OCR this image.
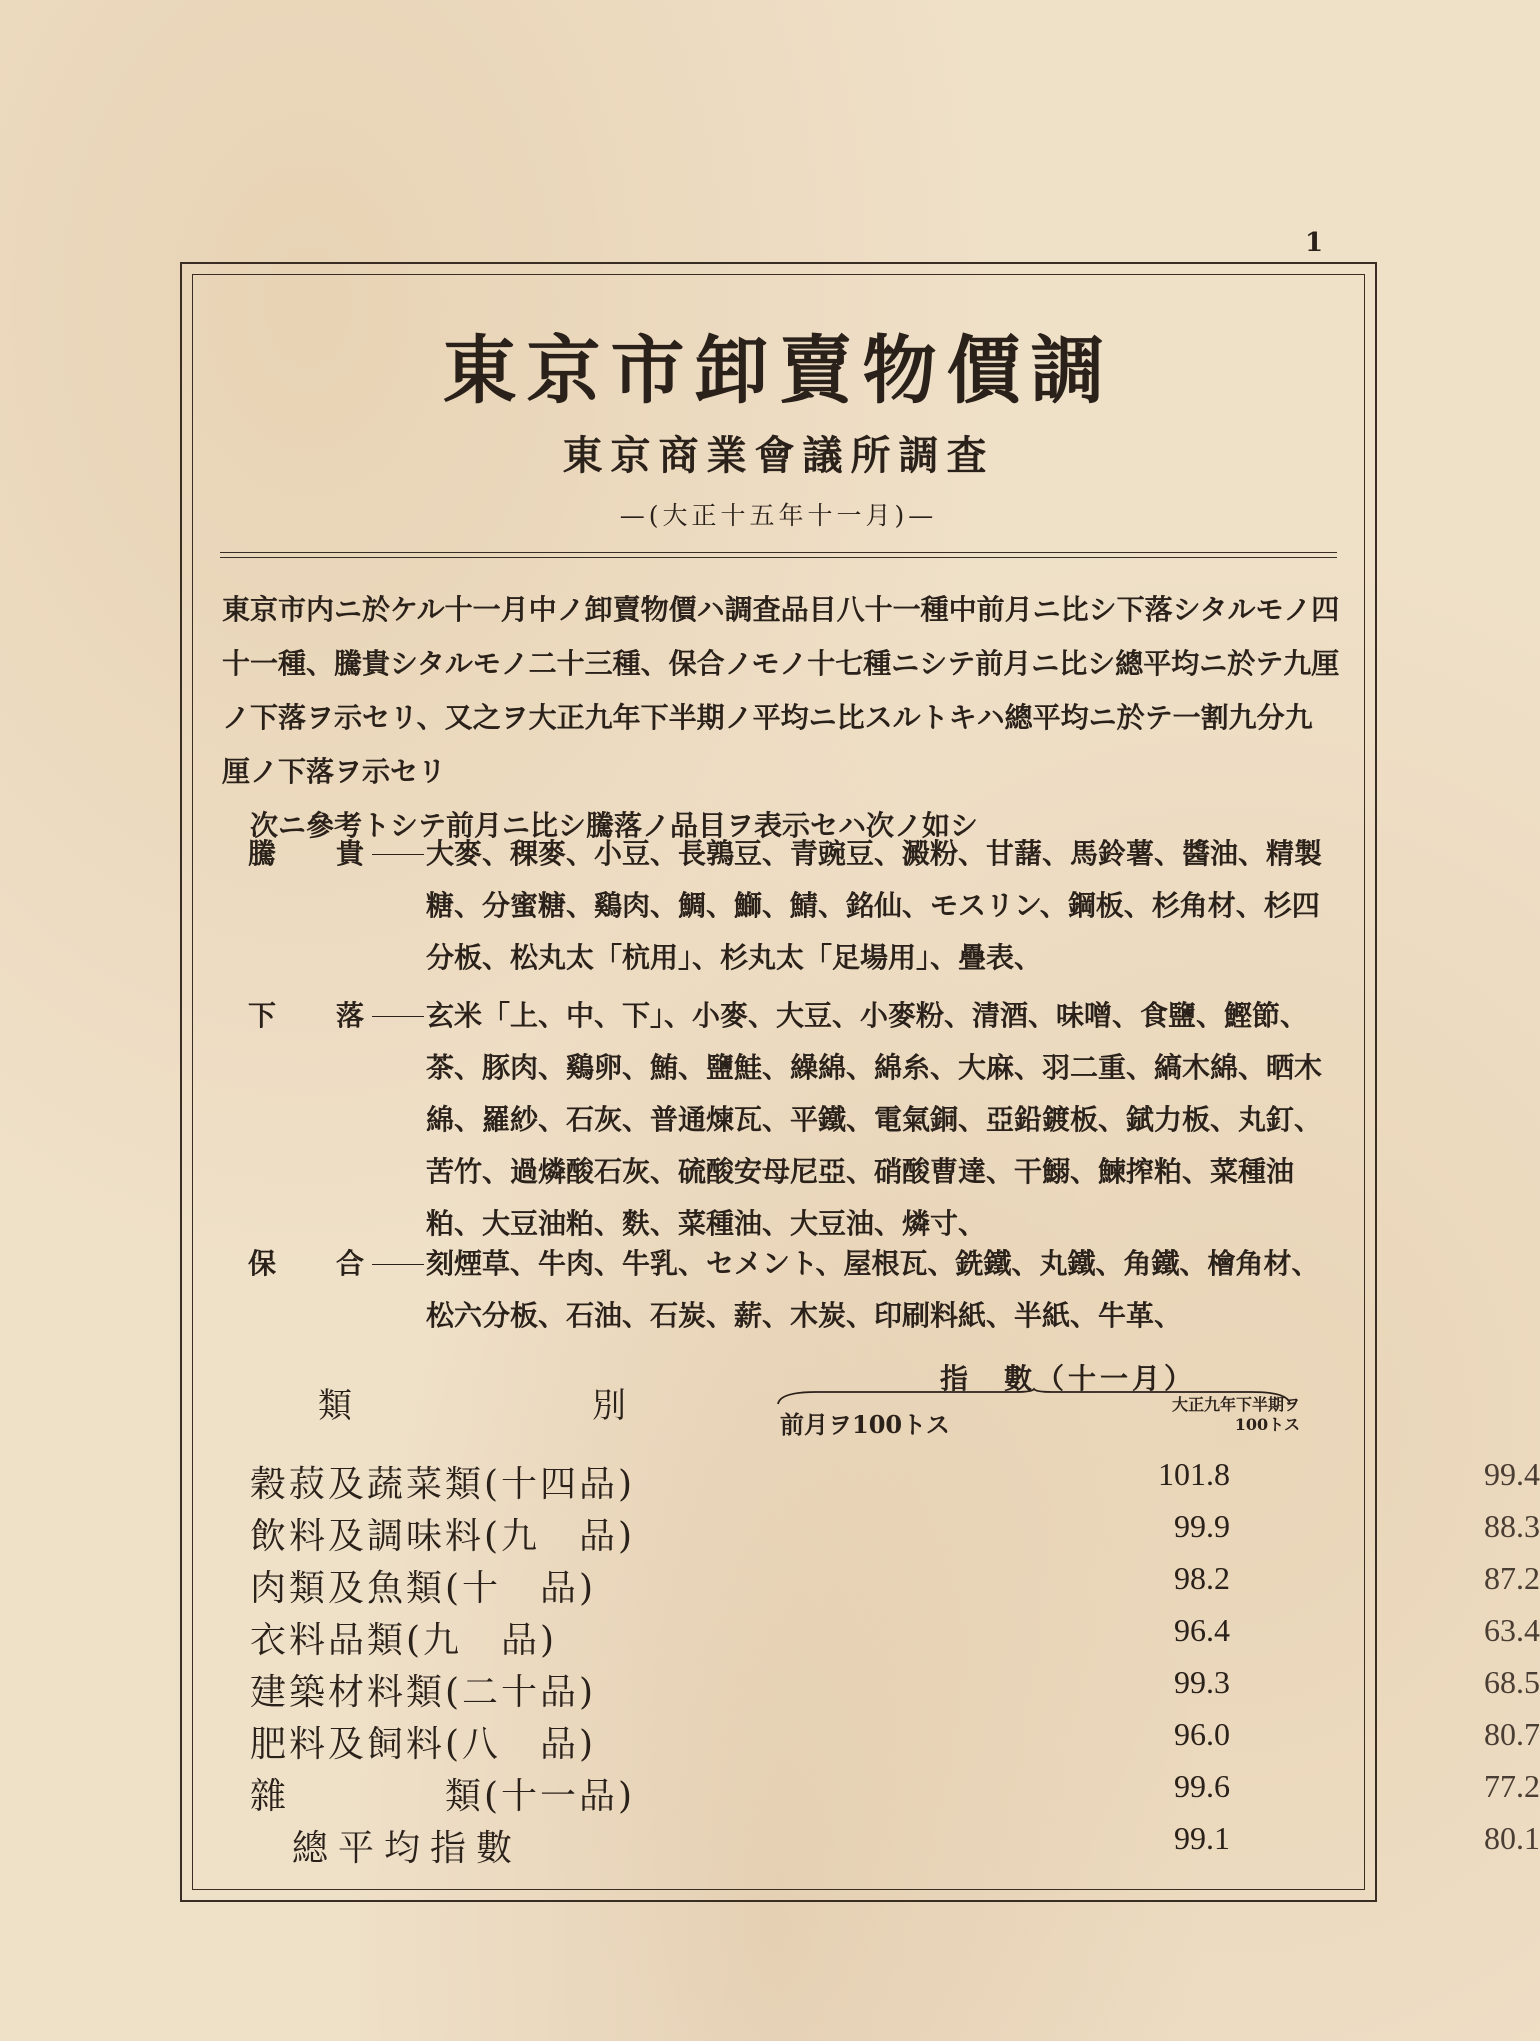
1
東京市卸賣物價調
東京商業會議所調査
—(大正十五年十一月)—

東京市内ニ於ケル十一月中ノ卸賣物價ハ調査品目八十一種中前月ニ比シ下落シタルモノ四十一種、騰貴シタルモノ二十三種、保合ノモノ十七種ニシテ前月ニ比シ總平均ニ於テ九厘ノ下落ヲ示セリ、又之ヲ大正九年下半期ノ平均ニ比スルトキハ總平均ニ於テ一割九分九厘ノ下落ヲ示セリ

次ニ參考トシテ前月ニ比シ騰落ノ品目ヲ表示セハ次ノ如シ

騰 貴 大麥、稞麥、小豆、長鶉豆、青豌豆、澱粉、甘藷、馬鈴薯、醬油、精製糖、分蜜糖、鷄肉、鯛、鰤、鯖、銘仙、モスリン、鋼板、杉角材、杉四分板、松丸太「杭用」、杉丸太「足場用」、疊表、
下 落 玄米「上、中、下」、小麥、大豆、小麥粉、清酒、味噌、食鹽、鰹節、茶、豚肉、鷄卵、鮪、鹽鮭、繰綿、綿糸、大麻、羽二重、縞木綿、晒木綿、羅紗、石灰、普通煉瓦、平鐵、電氣銅、亞鉛鍍板、錻力板、丸釘、苦竹、過燐酸石灰、硫酸安母尼亞、硝酸曹達、干鰯、鰊搾粕、菜種油粕、大豆油粕、麩、菜種油、大豆油、燐寸、
保 合 刻煙草、牛肉、牛乳、セメント、屋根瓦、銑鐵、丸鐵、角鐵、檜角材、松六分板、石油、石炭、薪、木炭、印刷料紙、半紙、牛革、
類	別
指　數（十一月）
前月ヲ100トス
大正九年下半期ヲ100トス
穀菽及蔬菜類(十四品)	101.8	99.4
飲料及調味料(九　品)	99.9	88.3
肉類及魚類(十　品)	98.2	87.2
衣料品類(九　品)	96.4	63.4
建築材料類(二十品)	99.3	68.5
肥料及飼料(八　品)	96.0	80.7
雜　　　　類(十一品)	99.6	77.2
總平均指數	99.1	80.1
